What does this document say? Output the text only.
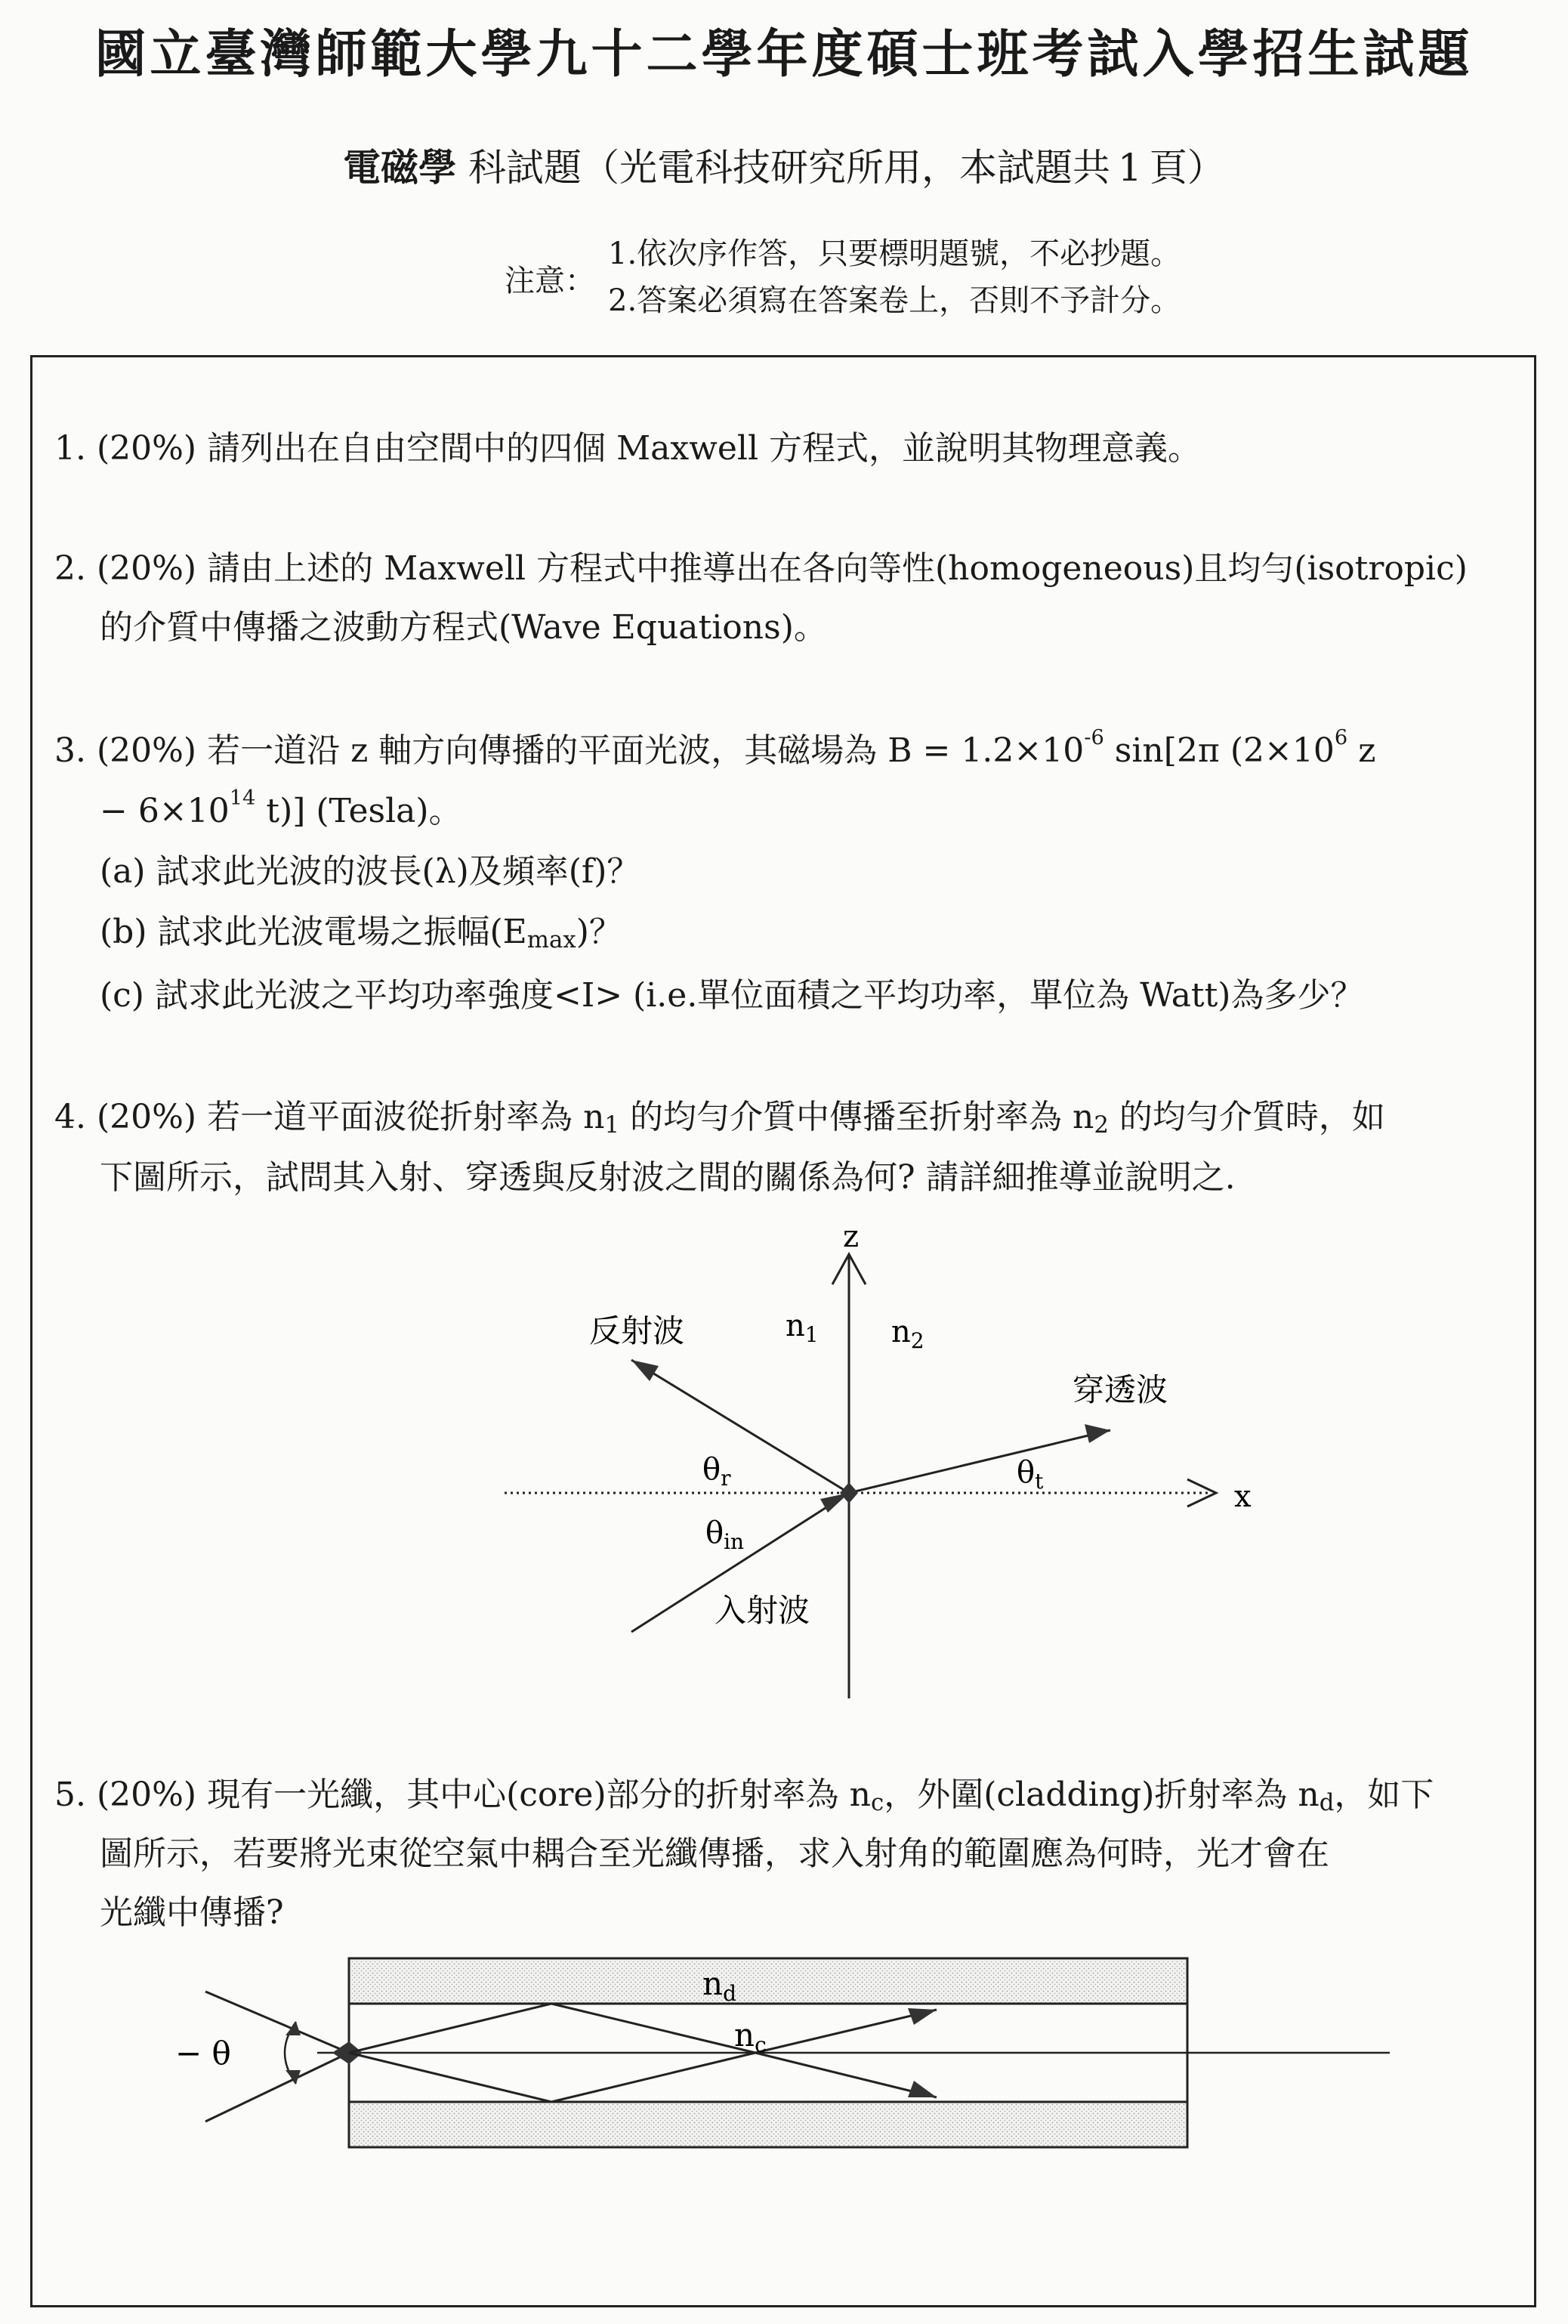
國立臺灣師範大學九十二學年度碩士班考試入學招生試題
電磁學 科試題（光電科技研究所用，本試題共 1 頁）
注意：
1.依次序作答，只要標明題號，不必抄題。
2.答案必須寫在答案卷上，否則不予計分。
1. (20%) 請列出在自由空間中的四個 Maxwell 方程式，並說明其物理意義。
2. (20%) 請由上述的 Maxwell 方程式中推導出在各向等性(homogeneous)且均勻(isotropic)
的介質中傳播之波動方程式(Wave Equations)。
3. (20%) 若一道沿 z 軸方向傳播的平面光波，其磁場為 $B = 1.2\times 10^{-6}$ sin[2π ($2\times 10^6$ z
− $6\times 10^{14}$ t)] (Tesla)。
(a) 試求此光波的波長(λ)及頻率(f)？
(b) 試求此光波電場之振幅$(E_{max})$？
(c) 試求此光波之平均功率強度<I> (i.e.單位面積之平均功率，單位為 Watt)為多少？
4. (20%) 若一道平面波從折射率為 $n_1$ 的均勻介質中傳播至折射率為 $n_2$ 的均勻介質時，如
下圖所示，試問其入射、穿透與反射波之間的關係為何? 請詳細推導並說明之.
z
x
$n_1$ $n_2$
反射波
穿透波
入射波
$\theta_r$	$\theta_t$
$\theta_{in}$
5. (20%) 現有一光纖，其中心(core)部分的折射率為 $n_c$，外圍(cladding)折射率為 $n_d$，如下
圖所示，若要將光束從空氣中耦合至光纖傳播，求入射角的範圍應為何時，光才會在
光纖中傳播?
− θ
nd
nc
